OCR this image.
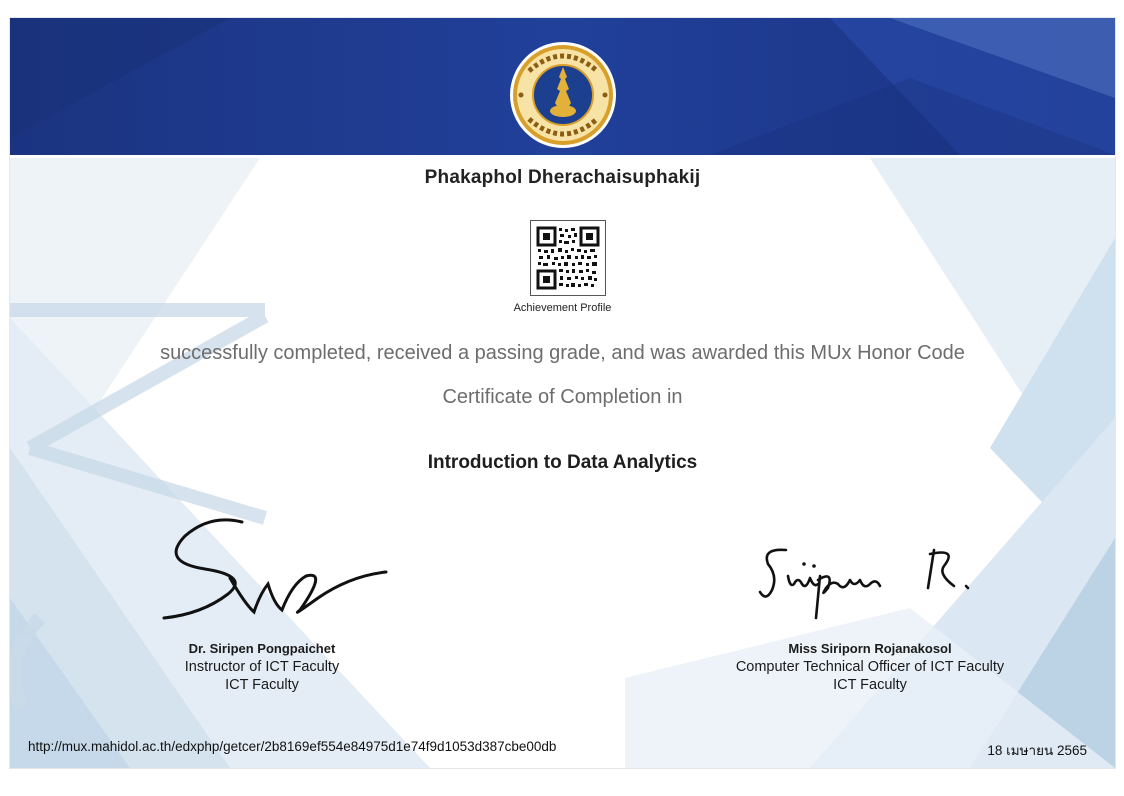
Phakaphol Dherachaisuphakij
Achievement Profile
successfully completed, received a passing grade, and was awarded this MUx Honor Code
Certificate of Completion in
Introduction to Data Analytics
Dr. Siripen Pongpaichet
Instructor of ICT Faculty
ICT Faculty
Miss Siriporn Rojanakosol
Computer Technical Officer of ICT Faculty
ICT Faculty
http://mux.mahidol.ac.th/edxphp/getcer/2b8169ef554e84975d1e74f9d1053d387cbe00db	18 เมษายน 2565
